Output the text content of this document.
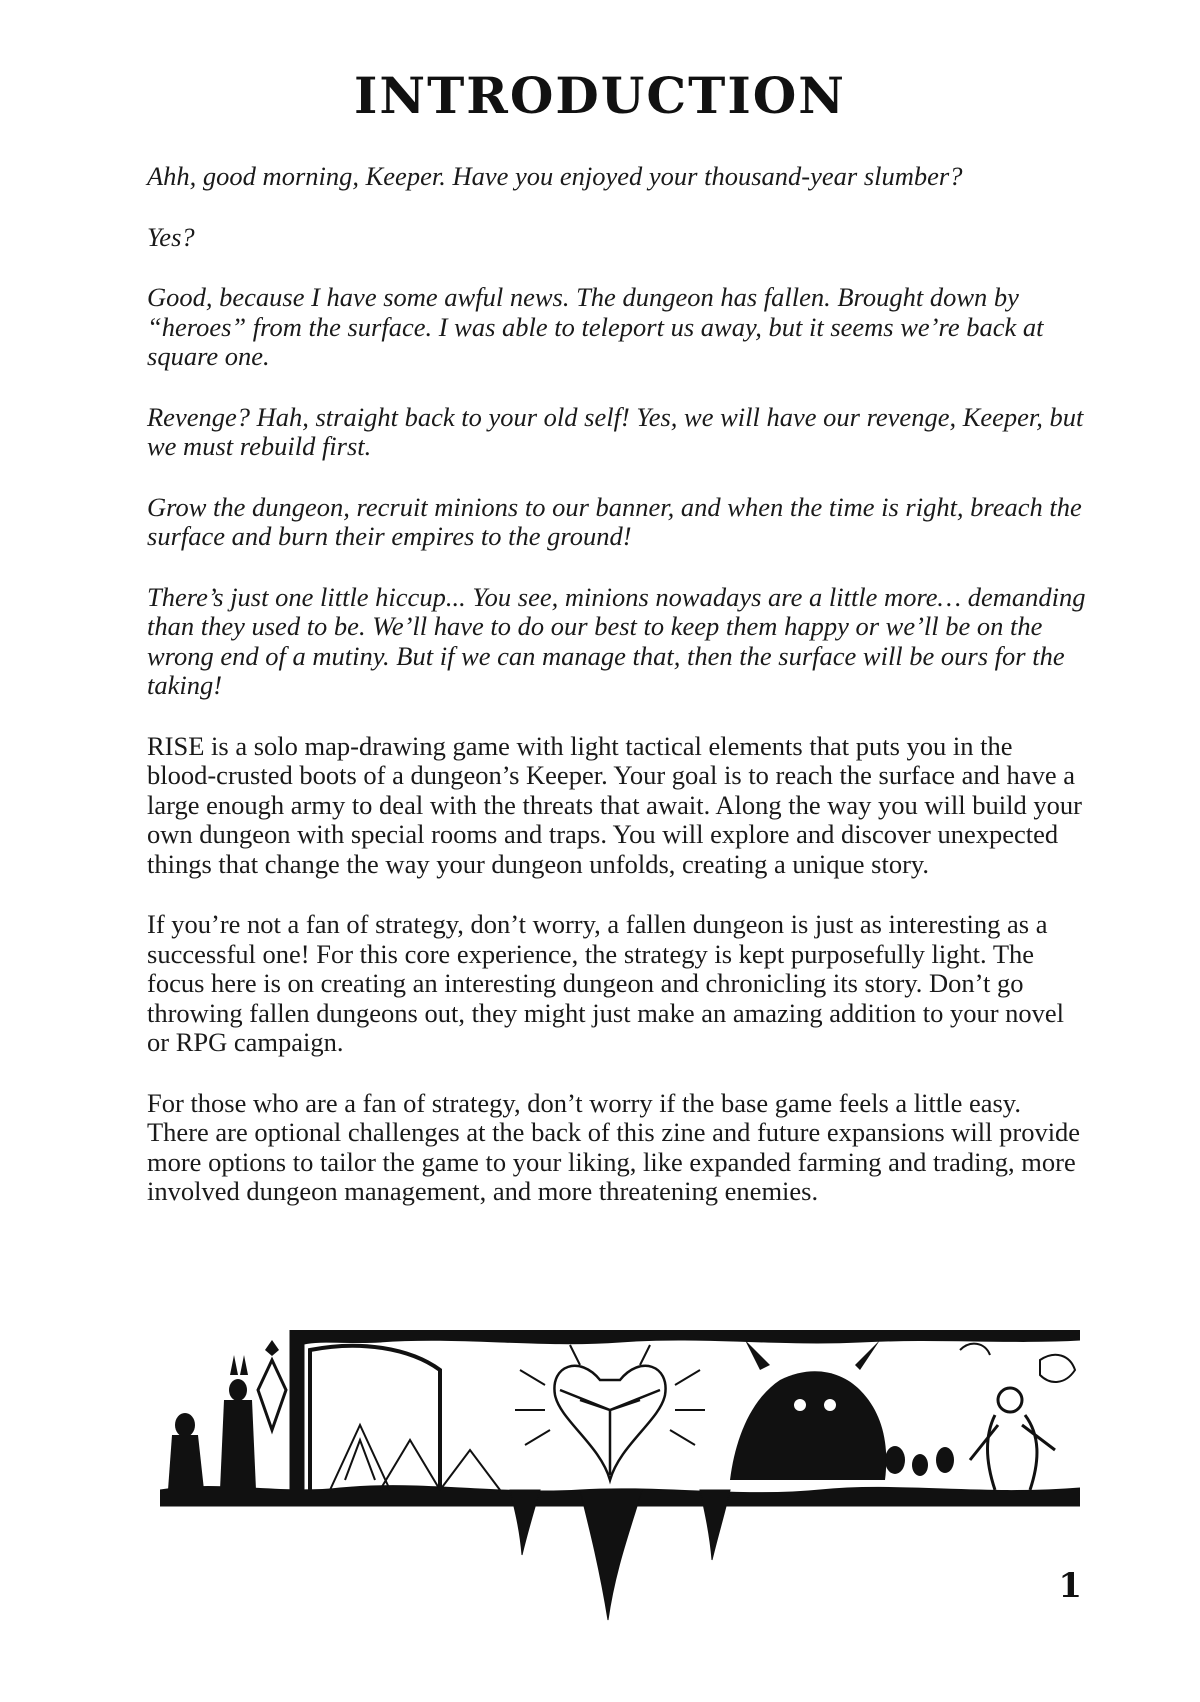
INTRODUCTION

Ahh, good morning, Keeper. Have you enjoyed your thousand-year slumber?

Yes?

Good, because I have some awful news. The dungeon has fallen. Brought down by “heroes” from the surface. I was able to teleport us away, but it seems we’re back at square one.

Revenge? Hah, straight back to your old self! Yes, we will have our revenge, Keeper, but we must rebuild first.

Grow the dungeon, recruit minions to our banner, and when the time is right, breach the surface and burn their empires to the ground!

There’s just one little hiccup... You see, minions nowadays are a little more… demanding than they used to be. We’ll have to do our best to keep them happy or we’ll be on the wrong end of a mutiny. But if we can manage that, then the surface will be ours for the taking!

RISE is a solo map-drawing game with light tactical elements that puts you in the blood-crusted boots of a dungeon’s Keeper. Your goal is to reach the surface and have a large enough army to deal with the threats that await. Along the way you will build your own dungeon with special rooms and traps. You will explore and discover unexpected things that change the way your dungeon unfolds, creating a unique story.

If you’re not a fan of strategy, don’t worry, a fallen dungeon is just as interesting as a successful one! For this core experience, the strategy is kept purposefully light. The focus here is on creating an interesting dungeon and chronicling its story. Don’t go throwing fallen dungeons out, they might just make an amazing addition to your novel or RPG campaign.

For those who are a fan of strategy, don’t worry if the base game feels a little easy. There are optional challenges at the back of this zine and future expansions will provide more options to tailor the game to your liking, like expanded farming and trading, more involved dungeon management, and more threatening enemies.

1
